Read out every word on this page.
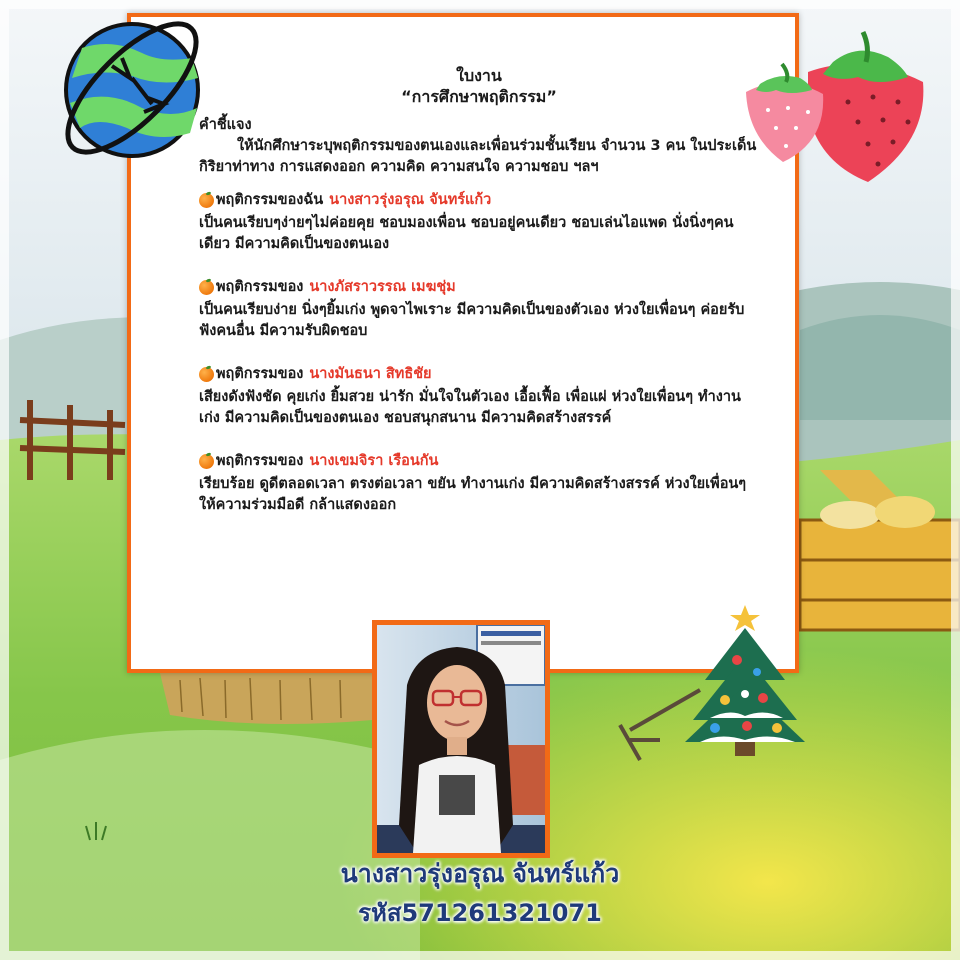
ใบงาน

“การศึกษาพฤติกรรม”

คำชี้แจง

ให้นักศึกษาระบุพฤติกรรมของตนเองและเพื่อนร่วมชั้นเรียน จำนวน 3 คน ในประเด็นกิริยาท่าทาง การแสดงออก ความคิด ความสนใจ ความชอบ ฯลฯ

พฤติกรรมของฉัน นางสาวรุ่งอรุณ จันทร์แก้ว

เป็นคนเรียบๆง่ายๆไม่ค่อยคุย ชอบมองเพื่อน ชอบอยู่คนเดียว ชอบเล่นไอแพด นั่งนิ่งๆคนเดียว มีความคิดเป็นของตนเอง

พฤติกรรมของ นางภัสราวรรณ เมฆชุ่ม

เป็นคนเรียบง่าย นิ่งๆยิ้มเก่ง พูดจาไพเราะ มีความคิดเป็นของตัวเอง ห่วงใยเพื่อนๆ ค่อยรับฟังคนอื่น มีความรับผิดชอบ

พฤติกรรมของ นางมันธนา สิทธิชัย

เสียงดังฟังชัด คุยเก่ง ยิ้มสวย น่ารัก มั่นใจในตัวเอง เอื้อเฟื้อ เพื่อแผ่ ห่วงใยเพื่อนๆ ทำงานเก่ง มีความคิดเป็นของตนเอง ชอบสนุกสนาน มีความคิดสร้างสรรค์

พฤติกรรมของ นางเขมจิรา เรือนกัน

เรียบร้อย ดูดีตลอดเวลา ตรงต่อเวลา ขยัน ทำงานเก่ง มีความคิดสร้างสรรค์ ห่วงใยเพื่อนๆ ให้ความร่วมมือดี กล้าแสดงออก

นางสาวรุ่งอรุณ จันทร์แก้ว
รหัส571261321071
